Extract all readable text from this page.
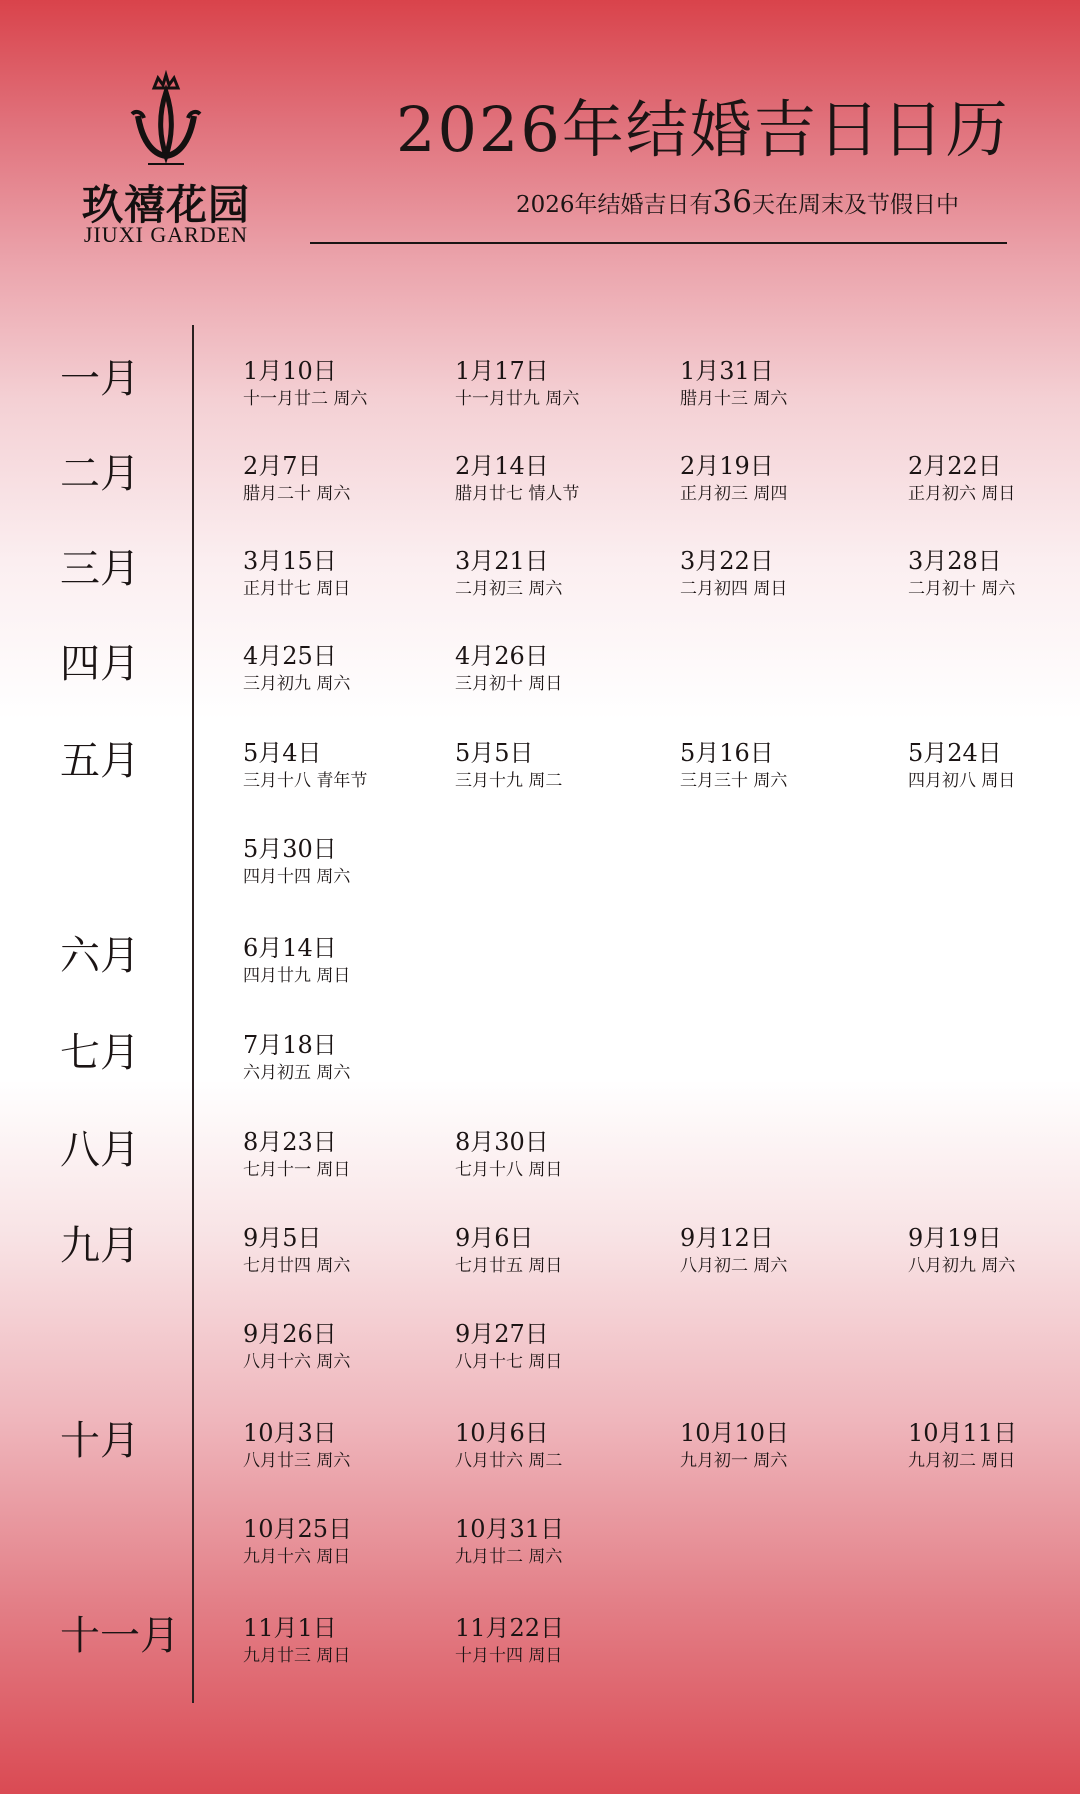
玖禧花园
JIUXI GARDEN
2026年结婚吉日日历
2026年结婚吉日有36天在周末及节假日中
一月	1月10日
十一月廿二 周六
1月17日
十一月廿九 周六
1月31日
腊月十三 周六
二月	2月7日
腊月二十 周六
2月14日
腊月廿七 情人节
2月19日
正月初三 周四
2月22日
正月初六 周日
三月	3月15日
正月廿七 周日
3月21日
二月初三 周六
3月22日
二月初四 周日
3月28日
二月初十 周六
四月	4月25日
三月初九 周六
4月26日
三月初十 周日
五月	5月4日
三月十八 青年节
5月5日
三月十九 周二
5月16日
三月三十 周六
5月24日
四月初八 周日
5月30日
四月十四 周六
六月	6月14日
四月廿九 周日
七月	7月18日
六月初五 周六
八月	8月23日
七月十一 周日
8月30日
七月十八 周日
九月	9月5日
七月廿四 周六
9月6日
七月廿五 周日
9月12日
八月初二 周六
9月19日
八月初九 周六
9月26日
八月十六 周六
9月27日
八月十七 周日
十月	10月3日
八月廿三 周六
10月6日
八月廿六 周二
10月10日
九月初一 周六
10月11日
九月初二 周日
10月25日
九月十六 周日
10月31日
九月廿二 周六
十一月	11月1日
九月廿三 周日
11月22日
十月十四 周日
